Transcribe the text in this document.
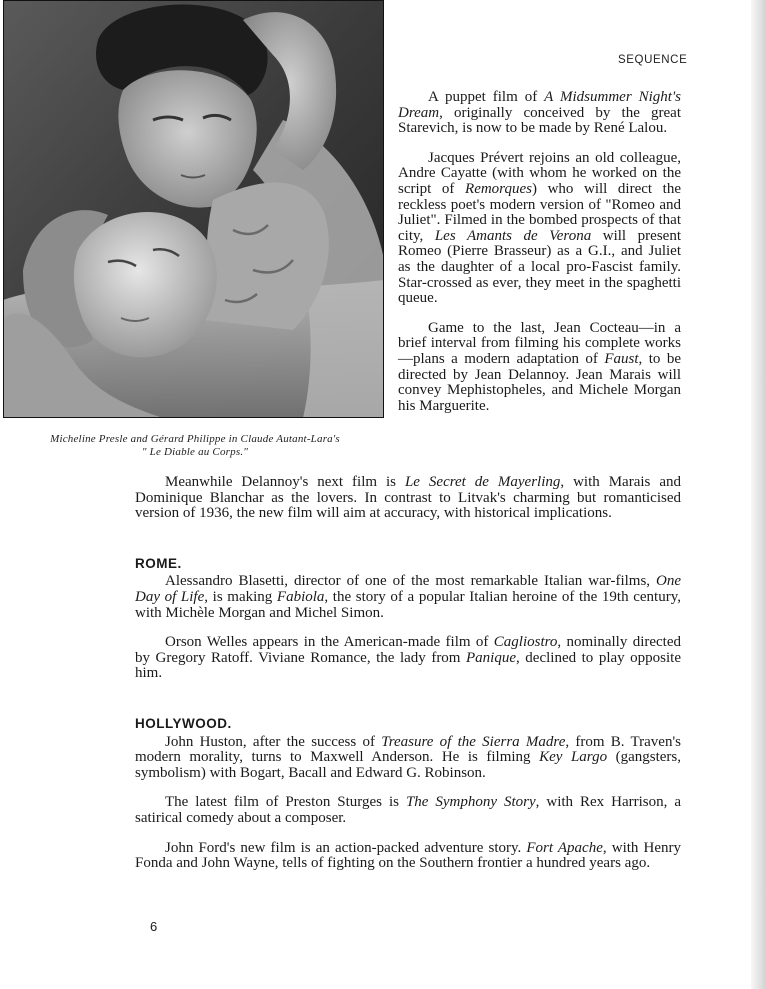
Micheline Presle and Gérard Philippe in Claude Autant-Lara's
" Le Diable au Corps."
SEQUENCE

A puppet film of A Midsummer Night's Dream, originally conceived by the great Starevich, is now to be made by René Lalou.

Jacques Prévert rejoins an old colleague, Andre Cayatte (with whom he worked on the script of Remorques) who will direct the reckless poet's modern version of "Romeo and Juliet". Filmed in the bombed prospects of that city, Les Amants de Verona will present Romeo (Pierre Brasseur) as a G.I., and Juliet as the daughter of a local pro-Fascist family. Star-crossed as ever, they meet in the spaghetti queue.

Game to the last, Jean Cocteau—in a brief interval from filming his complete works—plans a modern adaptation of Faust, to be directed by Jean Delannoy. Jean Marais will convey Mephistopheles, and Michele Morgan his Marguerite.

Meanwhile Delannoy's next film is Le Secret de Mayerling, with Marais and Dominique Blanchar as the lovers. In contrast to Litvak's charming but romanticised version of 1936, the new film will aim at accuracy, with historical implications.

ROME.

Alessandro Blasetti, director of one of the most remarkable Italian war-films, One Day of Life, is making Fabiola, the story of a popular Italian heroine of the 19th century, with Michèle Morgan and Michel Simon.

Orson Welles appears in the American-made film of Cagliostro, nominally directed by Gregory Ratoff. Viviane Romance, the lady from Panique, declined to play opposite him.

HOLLYWOOD.

John Huston, after the success of Treasure of the Sierra Madre, from B. Traven's modern morality, turns to Maxwell Anderson. He is filming Key Largo (gangsters, symbolism) with Bogart, Bacall and Edward G. Robinson.

The latest film of Preston Sturges is The Symphony Story, with Rex Harrison, a satirical comedy about a composer.

John Ford's new film is an action-packed adventure story. Fort Apache, with Henry Fonda and John Wayne, tells of fighting on the Southern frontier a hundred years ago.

6
